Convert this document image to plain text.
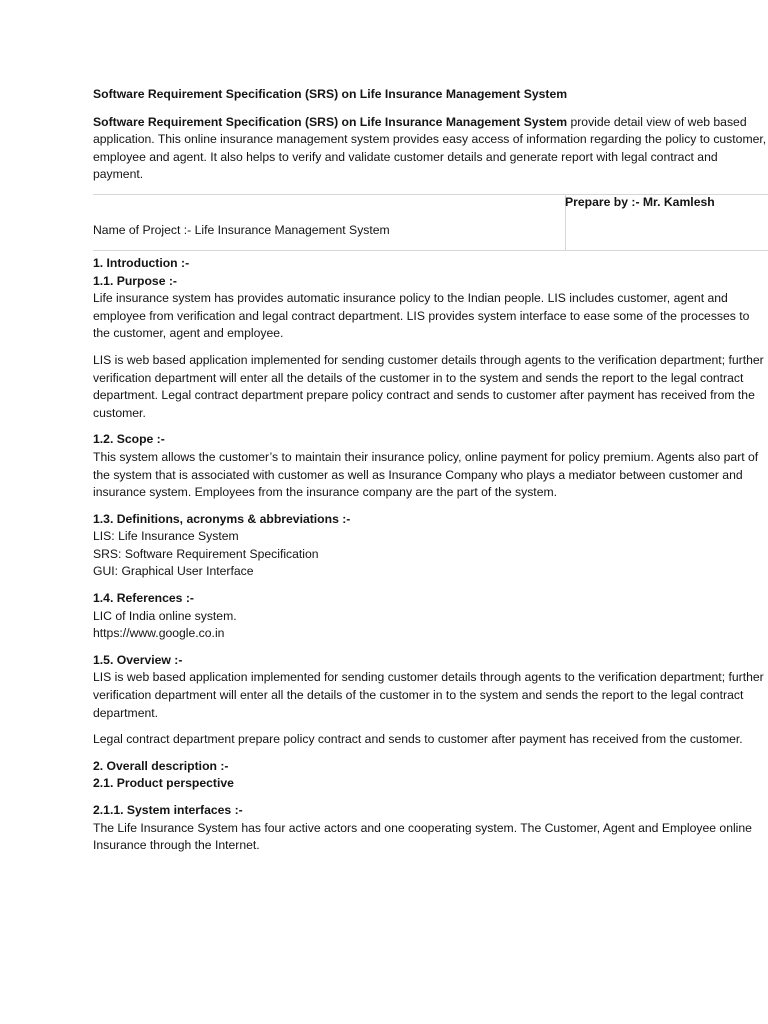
Software Requirement Specification (SRS) on Life Insurance Management System

Software Requirement Specification (SRS) on Life Insurance Management System provide detail view of web based application. This online insurance management system provides easy access of information regarding the policy to customer, employee and agent. It also helps to verify and validate customer details and generate report with legal contract and payment.

Name of Project :- Life Insurance Management System
Prepare by :- Mr. Kamlesh

1. Introduction :-

1.1. Purpose :-

Life insurance system has provides automatic insurance policy to the Indian people. LIS includes customer, agent and employee from verification and legal contract department. LIS provides system interface to ease some of the processes to the customer, agent and employee.

LIS is web based application implemented for sending customer details through agents to the verification department; further verification department will enter all the details of the customer in to the system and sends the report to the legal contract department. Legal contract department prepare policy contract and sends to customer after payment has received from the customer.

1.2. Scope :-

This system allows the customer’s to maintain their insurance policy, online payment for policy premium. Agents also part of the system that is associated with customer as well as Insurance Company who plays a mediator between customer and insurance system. Employees from the insurance company are the part of the system.

1.3. Definitions, acronyms & abbreviations :-

LIS: Life Insurance System

SRS: Software Requirement Specification

GUI: Graphical User Interface

1.4. References :-

LIC of India online system.

https://www.google.co.in

1.5. Overview :-

LIS is web based application implemented for sending customer details through agents to the verification department; further verification department will enter all the details of the customer in to the system and sends the report to the legal contract department.

Legal contract department prepare policy contract and sends to customer after payment has received from the customer.

2. Overall description :-

2.1. Product perspective

2.1.1. System interfaces :-

The Life Insurance System has four active actors and one cooperating system. The Customer, Agent and Employee online Insurance through the Internet.
